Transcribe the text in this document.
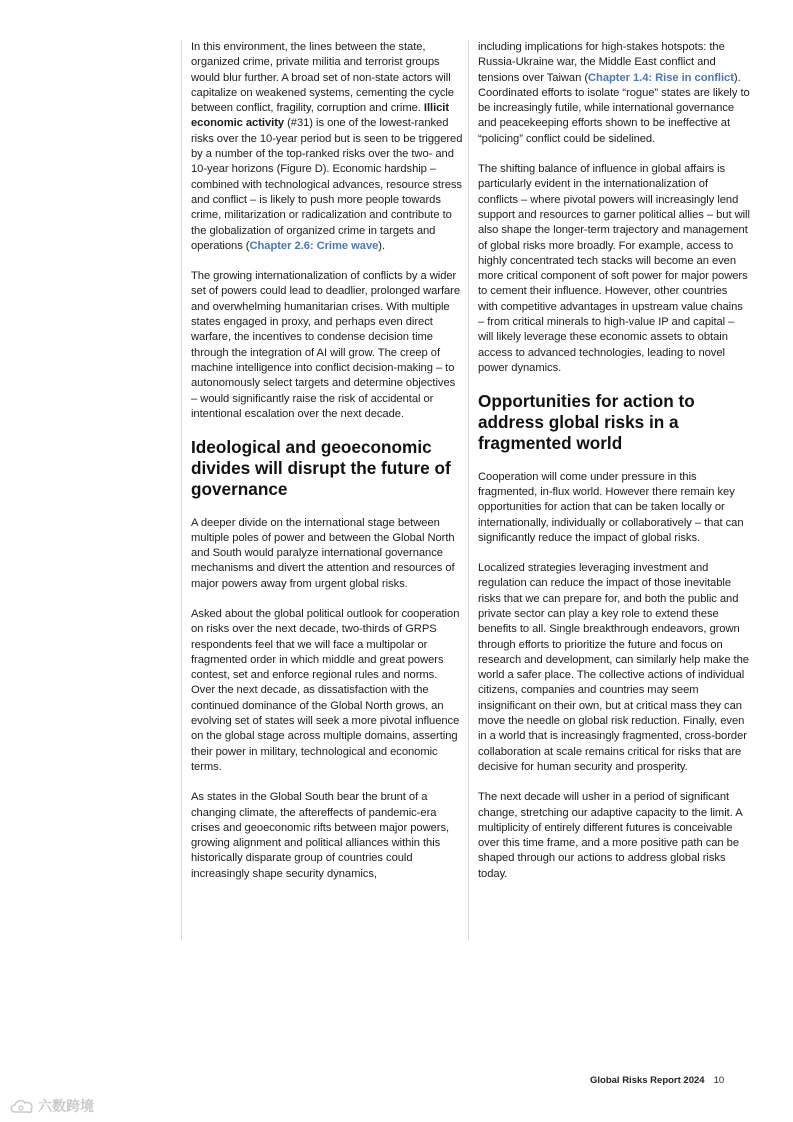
In this environment, the lines between the state, organized crime, private militia and terrorist groups would blur further. A broad set of non-state actors will capitalize on weakened systems, cementing the cycle between conflict, fragility, corruption and crime. Illicit economic activity (#31) is one of the lowest-ranked risks over the 10-year period but is seen to be triggered by a number of the top-ranked risks over the two- and 10-year horizons (Figure D). Economic hardship – combined with technological advances, resource stress and conflict – is likely to push more people towards crime, militarization or radicalization and contribute to the globalization of organized crime in targets and operations (Chapter 2.6: Crime wave).

The growing internationalization of conflicts by a wider set of powers could lead to deadlier, prolonged warfare and overwhelming humanitarian crises. With multiple states engaged in proxy, and perhaps even direct warfare, the incentives to condense decision time through the integration of AI will grow. The creep of machine intelligence into conflict decision-making – to autonomously select targets and determine objectives – would significantly raise the risk of accidental or intentional escalation over the next decade.

Ideological and geoeconomic divides will disrupt the future of governance

A deeper divide on the international stage between multiple poles of power and between the Global North and South would paralyze international governance mechanisms and divert the attention and resources of major powers away from urgent global risks.

Asked about the global political outlook for cooperation on risks over the next decade, two-thirds of GRPS respondents feel that we will face a multipolar or fragmented order in which middle and great powers contest, set and enforce regional rules and norms. Over the next decade, as dissatisfaction with the continued dominance of the Global North grows, an evolving set of states will seek a more pivotal influence on the global stage across multiple domains, asserting their power in military, technological and economic terms.

As states in the Global South bear the brunt of a changing climate, the aftereffects of pandemic-era crises and geoeconomic rifts between major powers, growing alignment and political alliances within this historically disparate group of countries could increasingly shape security dynamics,

including implications for high-stakes hotspots: the Russia-Ukraine war, the Middle East conflict and tensions over Taiwan (Chapter 1.4: Rise in conflict). Coordinated efforts to isolate “rogue” states are likely to be increasingly futile, while international governance and peacekeeping efforts shown to be ineffective at “policing” conflict could be sidelined.

The shifting balance of influence in global affairs is particularly evident in the internationalization of conflicts – where pivotal powers will increasingly lend support and resources to garner political allies – but will also shape the longer-term trajectory and management of global risks more broadly. For example, access to highly concentrated tech stacks will become an even more critical component of soft power for major powers to cement their influence. However, other countries with competitive advantages in upstream value chains – from critical minerals to high-value IP and capital – will likely leverage these economic assets to obtain access to advanced technologies, leading to novel power dynamics.

Opportunities for action to address global risks in a fragmented world

Cooperation will come under pressure in this fragmented, in-flux world. However there remain key opportunities for action that can be taken locally or internationally, individually or collaboratively – that can significantly reduce the impact of global risks.

Localized strategies leveraging investment and regulation can reduce the impact of those inevitable risks that we can prepare for, and both the public and private sector can play a key role to extend these benefits to all. Single breakthrough endeavors, grown through efforts to prioritize the future and focus on research and development, can similarly help make the world a safer place. The collective actions of individual citizens, companies and countries may seem insignificant on their own, but at critical mass they can move the needle on global risk reduction. Finally, even in a world that is increasingly fragmented, cross-border collaboration at scale remains critical for risks that are decisive for human security and prosperity.

The next decade will usher in a period of significant change, stretching our adaptive capacity to the limit. A multiplicity of entirely different futures is conceivable over this time frame, and a more positive path can be shaped through our actions to address global risks today.

Global Risks Report 2024 10
六数跨境
